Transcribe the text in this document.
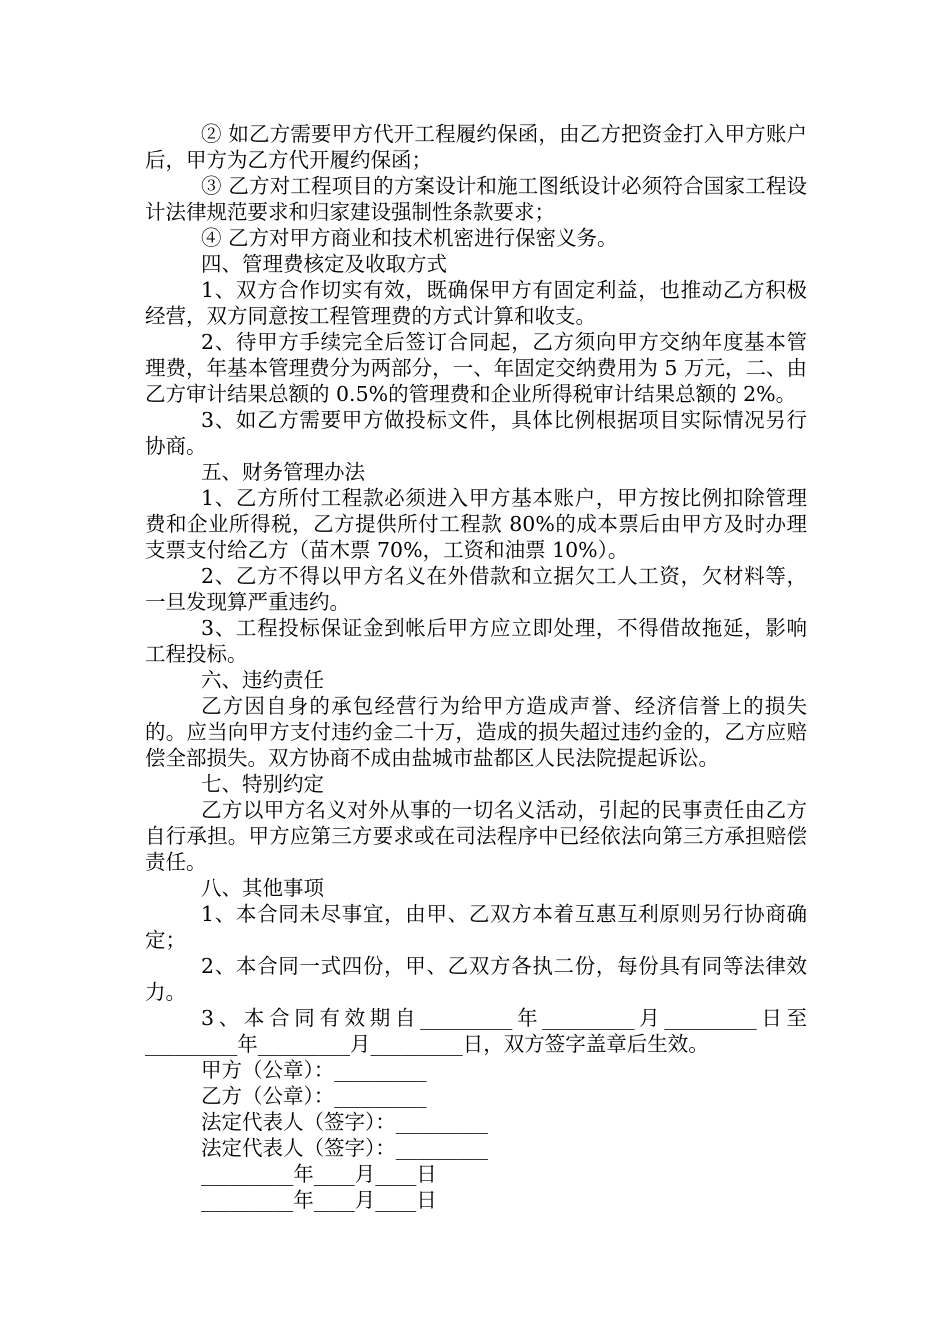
② 如乙方需要甲方代开工程履约保函，由乙方把资金打入甲方账户后，甲方为乙方代开履约保函；

③ 乙方对工程项目的方案设计和施工图纸设计必须符合国家工程设计法律规范要求和归家建设强制性条款要求；

④ 乙方对甲方商业和技术机密进行保密义务。

四、管理费核定及收取方式

1、双方合作切实有效，既确保甲方有固定利益，也推动乙方积极经营，双方同意按工程管理费的方式计算和收支。

2、待甲方手续完全后签订合同起，乙方须向甲方交纳年度基本管理费，年基本管理费分为两部分，一、年固定交纳费用为 5 万元，二、由乙方审计结果总额的 0.5%的管理费和企业所得税审计结果总额的 2%。

3、如乙方需要甲方做投标文件，具体比例根据项目实际情况另行协商。

五、财务管理办法

1、乙方所付工程款必须进入甲方基本账户，甲方按比例扣除管理费和企业所得税，乙方提供所付工程款 80%的成本票后由甲方及时办理支票支付给乙方（苗木票 70%，工资和油票 10%）。

2、乙方不得以甲方名义在外借款和立据欠工人工资，欠材料等，一旦发现算严重违约。

3、工程投标保证金到帐后甲方应立即处理，不得借故拖延，影响工程投标。

六、违约责任

乙方因自身的承包经营行为给甲方造成声誉、经济信誉上的损失的。应当向甲方支付违约金二十万，造成的损失超过违约金的，乙方应赔偿全部损失。双方协商不成由盐城市盐都区人民法院提起诉讼。

七、特别约定

乙方以甲方名义对外从事的一切名义活动，引起的民事责任由乙方自行承担。甲方应第三方要求或在司法程序中已经依法向第三方承担赔偿责任。

八、其他事项

1、本合同未尽事宜，由甲、乙双方本着互惠互利原则另行协商确定；

2、本合同一式四份，甲、乙双方各执二份，每份具有同等法律效力。

3、本合同有效期自_________年_________月_________日至_________年_________月_________日，双方签字盖章后生效。

甲方（公章）：_________

乙方（公章）：_________

法定代表人（签字）：_________

法定代表人（签字）：_________

_________年____月____日

_________年____月____日
